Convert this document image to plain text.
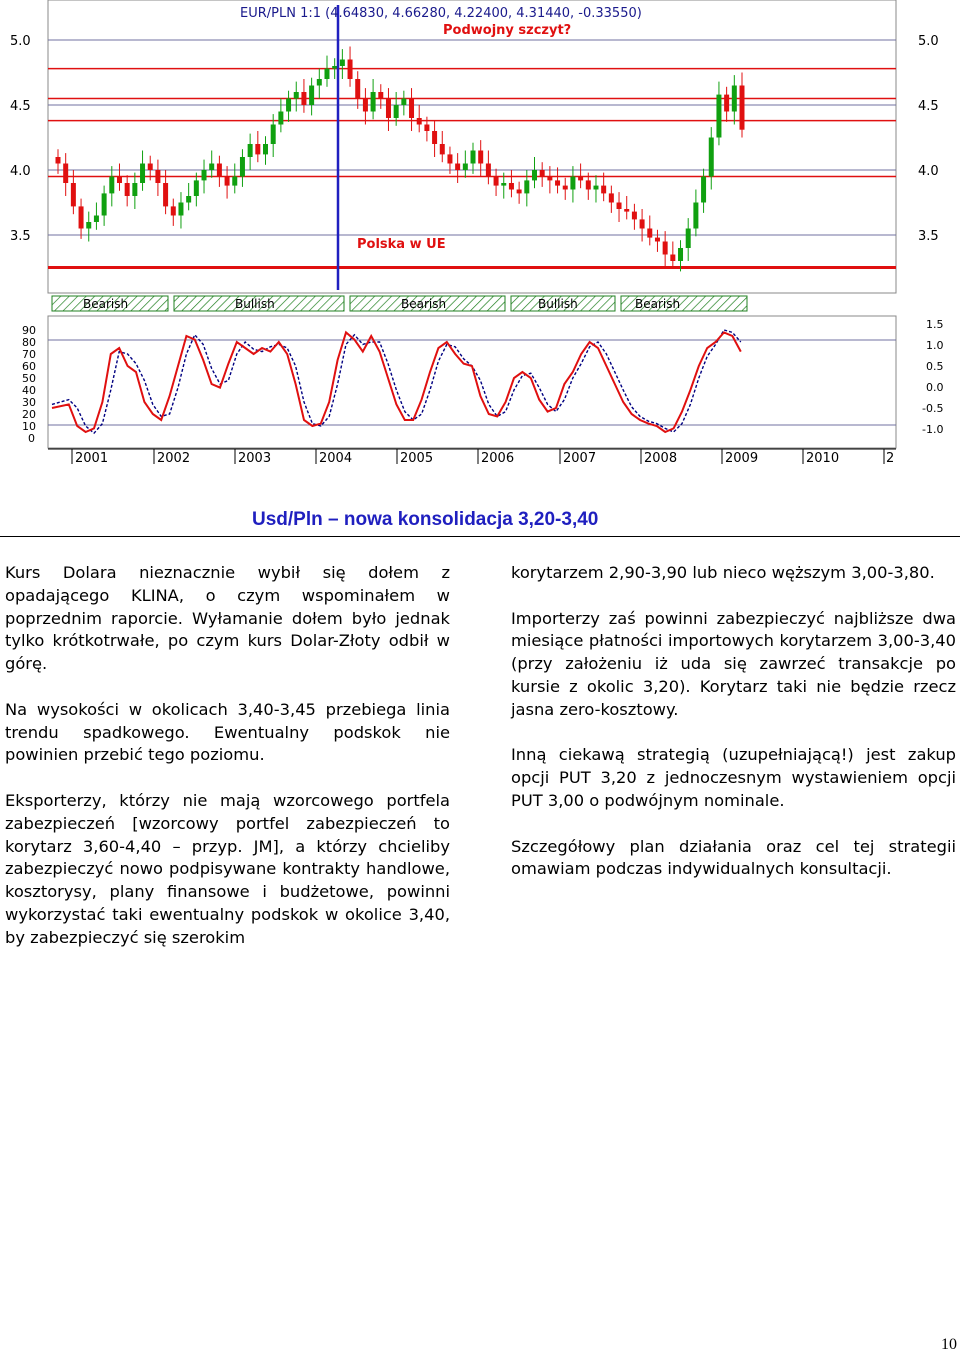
5.0
4.5
4.0
3.5
5.0
4.5
4.0
3.5
EUR/PLN 1:1 (4.64830, 4.66280, 4.22400, 4.31440, -0.33550)
Podwojny szczyt?
Polska w UE
Bearish	Bullish	Bearish	Bullish	Bearish
90
80
70
60
50
40
30
20
10
0
1.5
1.0
0.5
0.0
-0.5
-1.0
2001	2002	2003	2004	2005	2006	2007	2008	2009	2010	2
Usd/Pln – nowa konsolidacja 3,20-3,40

Kurs Dolara nieznacznie wybił się dołem z opadającego KLINA, o czym wspominałem w poprzednim raporcie. Wyłamanie dołem było jednak tylko krótkotrwałe, po czym kurs Dolar-Złoty odbił w górę.

Na wysokości w okolicach 3,40-3,45 przebiega linia trendu spadkowego. Ewentualny podskok nie powinien przebić tego poziomu.

Eksporterzy, którzy nie mają wzorcowego portfela zabezpieczeń [wzorcowy portfel zabezpieczeń to korytarz 3,60-4,40 – przyp. JM], a którzy chcieliby zabezpieczyć nowo podpisywane kontrakty handlowe, kosztorysy, plany finansowe i budżetowe, powinni wykorzystać taki ewentualny podskok w okolice 3,40, by zabezpieczyć się szerokim

korytarzem 2,90-3,90 lub nieco węższym 3,00-3,80.

Importerzy zaś powinni zabezpieczyć najbliższe dwa miesiące płatności importowych korytarzem 3,00-3,40 (przy założeniu iż uda się zawrzeć transakcje po kursie z okolic 3,20). Korytarz taki nie będzie rzecz jasna zero-kosztowy.

Inną ciekawą strategią (uzupełniającą!) jest zakup opcji PUT 3,20 z jednoczesnym wystawieniem opcji PUT 3,00 o podwójnym nominale.

Szczegółowy plan działania oraz cel tej strategii omawiam podczas indywidualnych konsultacji.

10
